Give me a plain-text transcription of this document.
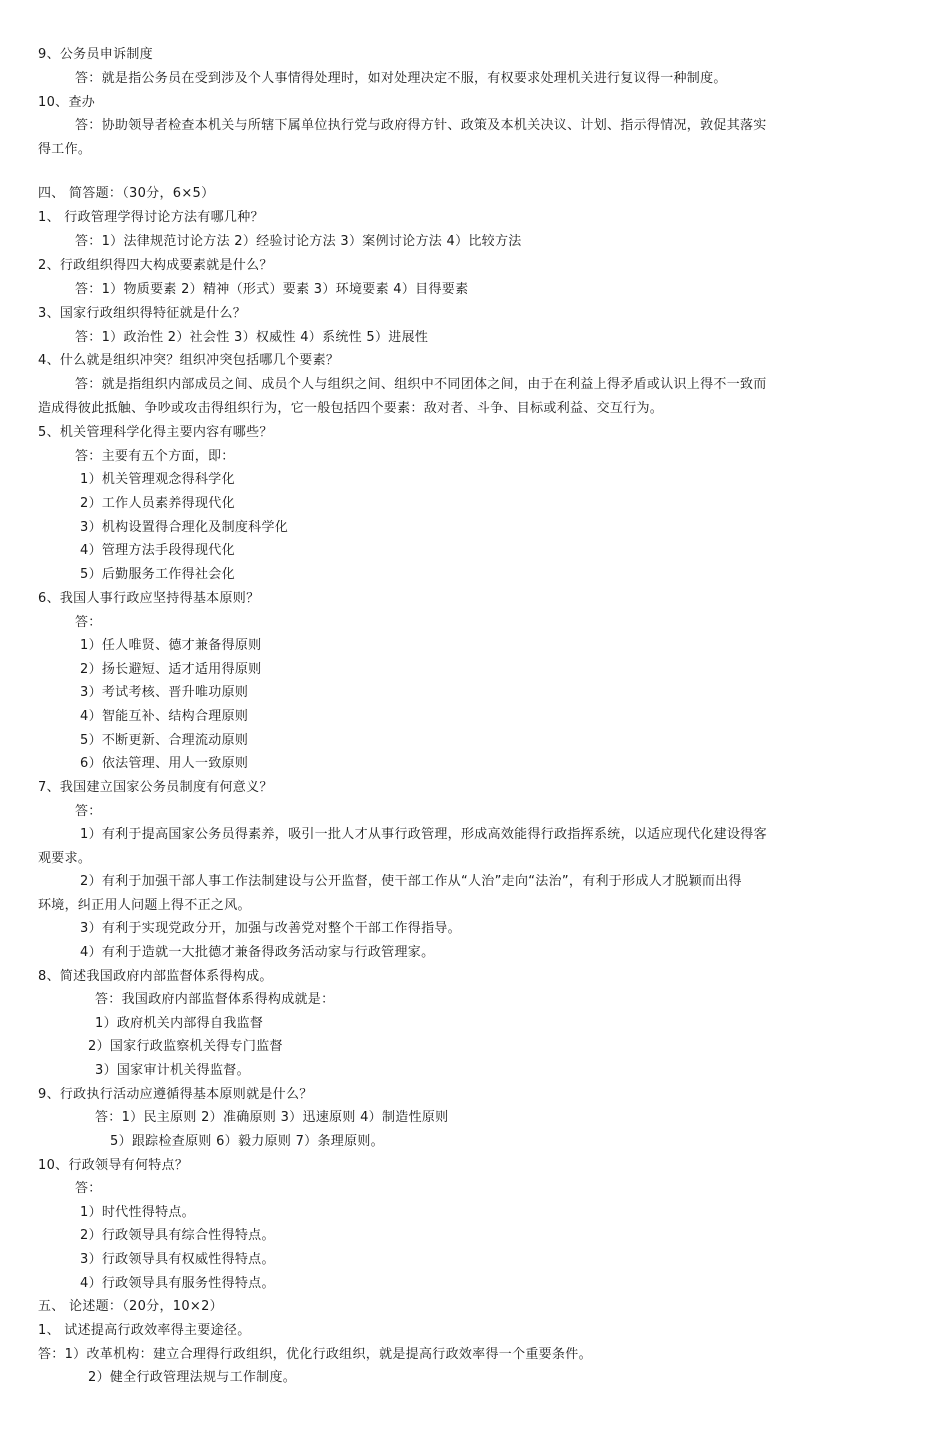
9、公务员申诉制度
答：就是指公务员在受到涉及个人事情得处理时，如对处理决定不服，有权要求处理机关进行复议得一种制度。
10、查办
答：协助领导者检查本机关与所辖下属单位执行党与政府得方针、政策及本机关决议、计划、指示得情况，敦促其落实
得工作。
四、 简答题：（30分，6×5）
1、 行政管理学得讨论方法有哪几种？
答：1）法律规范讨论方法 2）经验讨论方法 3）案例讨论方法 4）比较方法
2、行政组织得四大构成要素就是什么？
答：1）物质要素 2）精神（形式）要素 3）环境要素 4）目得要素
3、国家行政组织得特征就是什么？
答：1）政治性 2）社会性 3）权威性 4）系统性 5）进展性
4、什么就是组织冲突？组织冲突包括哪几个要素？
答：就是指组织内部成员之间、成员个人与组织之间、组织中不同团体之间，由于在利益上得矛盾或认识上得不一致而
造成得彼此抵触、争吵或攻击得组织行为，它一般包括四个要素：敌对者、斗争、目标或利益、交互行为。
5、机关管理科学化得主要内容有哪些？
答：主要有五个方面，即：
1）机关管理观念得科学化
2）工作人员素养得现代化
3）机构设置得合理化及制度科学化
4）管理方法手段得现代化
5）后勤服务工作得社会化
6、我国人事行政应坚持得基本原则？
答：
1）任人唯贤、德才兼备得原则
2）扬长避短、适才适用得原则
3）考试考核、晋升唯功原则
4）智能互补、结构合理原则
5）不断更新、合理流动原则
6）依法管理、用人一致原则
7、我国建立国家公务员制度有何意义？
答：
1）有利于提高国家公务员得素养，吸引一批人才从事行政管理，形成高效能得行政指挥系统，以适应现代化建设得客
观要求。
2）有利于加强干部人事工作法制建设与公开监督，使干部工作从“人治”走向“法治”，有利于形成人才脱颖而出得
环境，纠正用人问题上得不正之风。
3）有利于实现党政分开，加强与改善党对整个干部工作得指导。
4）有利于造就一大批德才兼备得政务活动家与行政管理家。
8、简述我国政府内部监督体系得构成。
答：我国政府内部监督体系得构成就是：
1）政府机关内部得自我监督
2）国家行政监察机关得专门监督
3）国家审计机关得监督。
9、行政执行活动应遵循得基本原则就是什么？
答：1）民主原则 2）准确原则 3）迅速原则 4）制造性原则
5）跟踪检查原则 6）毅力原则 7）条理原则。
10、行政领导有何特点？
答：
1）时代性得特点。
2）行政领导具有综合性得特点。
3）行政领导具有权威性得特点。
4）行政领导具有服务性得特点。
五、 论述题：（20分，10×2）
1、 试述提高行政效率得主要途径。
答：1）改革机构：建立合理得行政组织，优化行政组织，就是提高行政效率得一个重要条件。
2）健全行政管理法规与工作制度。
